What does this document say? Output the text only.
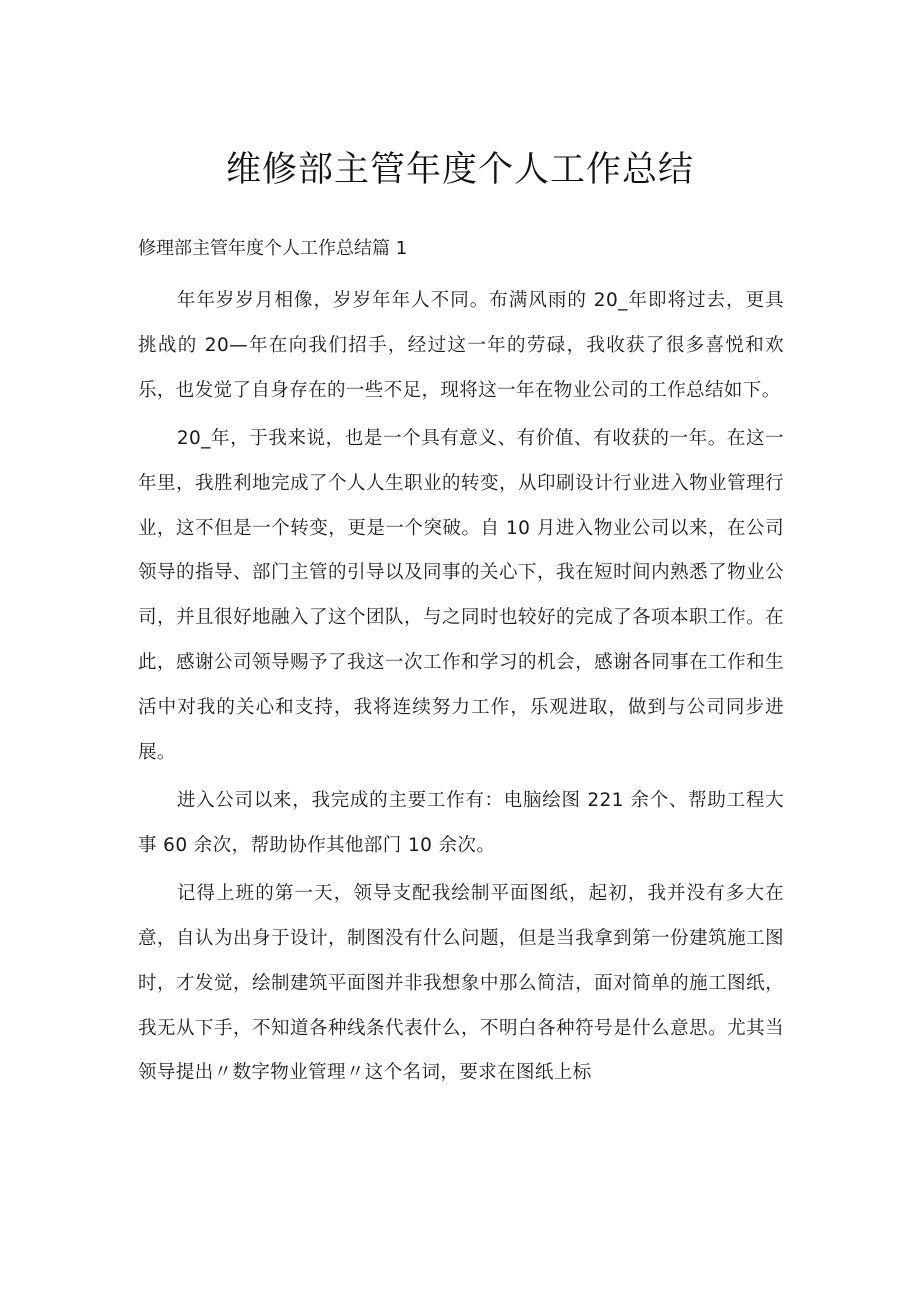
维修部主管年度个人工作总结

修理部主管年度个人工作总结篇 1

年年岁岁月相像，岁岁年年人不同。布满风雨的 20_年即将过去，更具挑战的 20—年在向我们招手，经过这一年的劳碌，我收获了很多喜悦和欢乐，也发觉了自身存在的一些不足，现将这一年在物业公司的工作总结如下。

20_年，于我来说，也是一个具有意义、有价值、有收获的一年。在这一年里，我胜利地完成了个人人生职业的转变，从印刷设计行业进入物业管理行业，这不但是一个转变，更是一个突破。自 10 月进入物业公司以来，在公司领导的指导、部门主管的引导以及同事的关心下，我在短时间内熟悉了物业公司，并且很好地融入了这个团队，与之同时也较好的完成了各项本职工作。在此，感谢公司领导赐予了我这一次工作和学习的机会，感谢各同事在工作和生活中对我的关心和支持，我将连续努力工作，乐观进取，做到与公司同步进展。

进入公司以来，我完成的主要工作有：电脑绘图 221 余个、帮助工程大事 60 余次，帮助协作其他部门 10 余次。

记得上班的第一天，领导支配我绘制平面图纸，起初，我并没有多大在意，自认为出身于设计，制图没有什么问题，但是当我拿到第一份建筑施工图时，才发觉，绘制建筑平面图并非我想象中那么简洁，面对简单的施工图纸，我无从下手，不知道各种线条代表什么，不明白各种符号是什么意思。尤其当领导提出〃数字物业管理〃这个名词，要求在图纸上标
